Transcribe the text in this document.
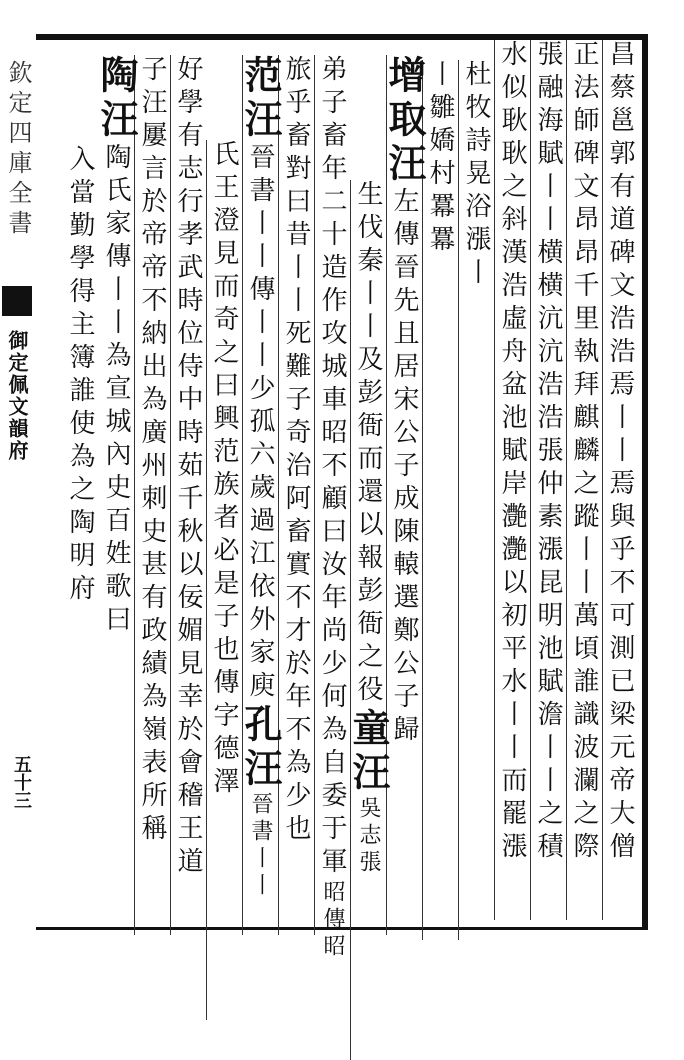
欽定四庫全書
御定佩文韻府
五十三	昌蔡邕郭有道碑文浩浩焉丨丨焉與乎不可測已梁元帝大僧
正法師碑文昂昂千里執拜麒麟之蹤丨丨萬頃誰識波瀾之際
張融海賦丨丨横横沆沆浩浩張仲素漲昆明池賦澹丨丨之積
水似耿耿之斜漢浩虛舟盆池賦岸灔灔以初平水丨丨而罷漲
杜牧詩晃浴漲丨
丨雛嬌村羃羃
增取汪左傳晉先且居宋公子成陳轅選鄭公子歸
生伐秦丨丨及彭衙而還以報彭衙之役童汪吳志張
弟子畜年二十造作攻城車昭不顧曰汝年尚少何為自委于軍昭傳昭
旅乎畜對曰昔丨丨死難子奇治阿畜實不才於年不為少也
范汪晉書丨丨傳丨丨少孤六歲過江依外家庾孔汪晉書丨丨
氏王澄見而奇之曰興范族者必是子也傳字德澤
好學有志行孝武時位侍中時茹千秋以佞媚見幸於會稽王道
子汪屢言於帝帝不納出為廣州刺史甚有政績為嶺表所稱
陶汪陶氏家傳丨丨為宣城內史百姓歌曰
入當勤學得主簿誰使為之陶明府
